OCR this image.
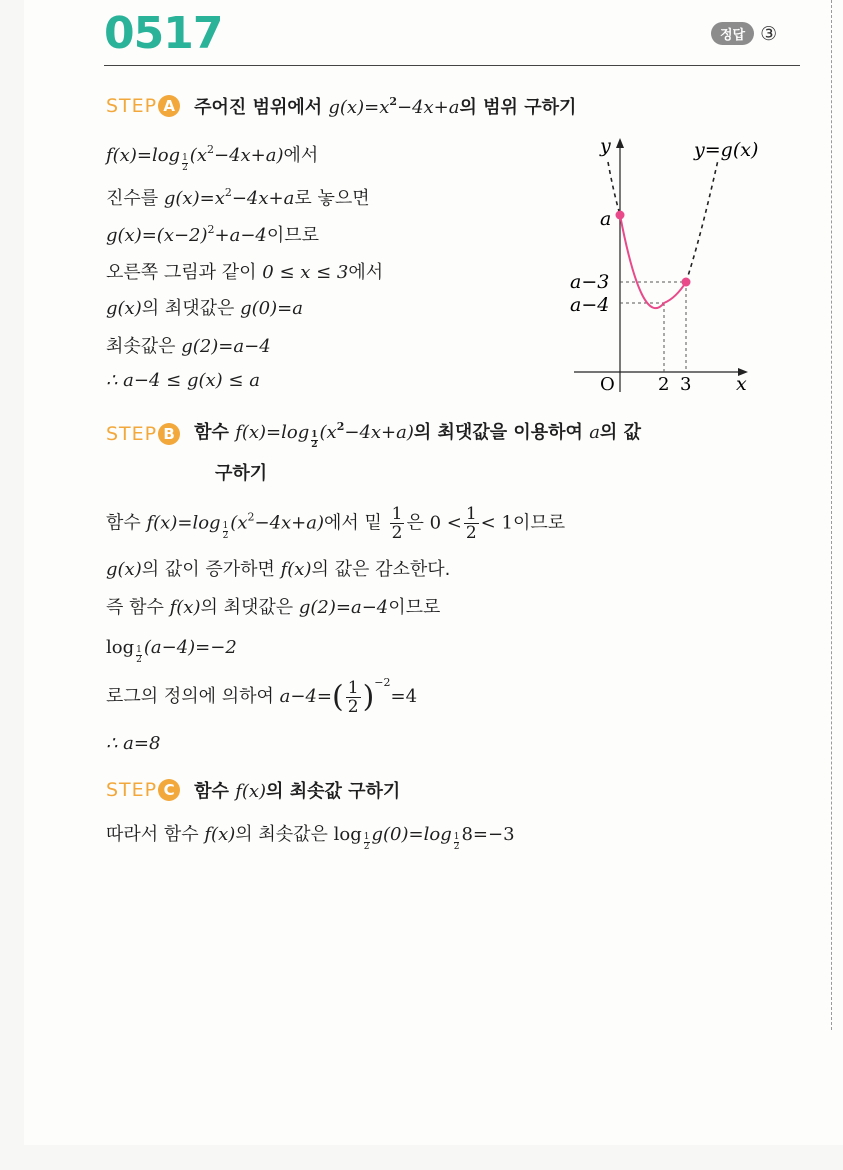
0517	정답 ③
STEP A 주어진 범위에서 $g(x)=x^2-4x+a$의 범위 구하기
f(x)=log $_{\frac{1}{2}}$ $(x^2-4x+a)$에서
진수를 $g(x)=x^2-4x+a$로 놓으면
$g(x)=(x-2)^2+a-4$이므로
오른쪽 그림과 같이 0 ≤ x ≤ 3에서
g(x)의 최댓값은 g(0)=a
최솟값은 g(2)=a−4
∴ a−4 ≤ g(x) ≤ a
y
x
O
y=g(x)
a
a−3
a−4
2 3
STEP B 함수 f(x)=log $_{\frac{1}{2}}$ $(x^2-4x+a)$의 최댓값을 이용하여 a의 값
구하기
함수 f(x)=log $_{\frac{1}{2}}$ $(x^2-4x+a)$에서 밑 $\frac{1}{2}$ 은 $0 < \frac{1}{2} < 1$이므로
g(x)의 값이 증가하면 f(x)의 값은 감소한다.
즉 함수 f(x)의 최댓값은 g(2)=a−4이므로
log $_{\frac{1}{2}}$ (a−4)=−2
로그의 정의에 의하여 $a-4=( \frac{1}{2} )^{-2}=4$
∴ a=8
STEP C	함수 f(x)의 최솟값 구하기
따라서 함수 f(x)의 최솟값은 log $_{\frac{1}{2}}$ g(0)=log $_{\frac{1}{2}}$ 8=−3
